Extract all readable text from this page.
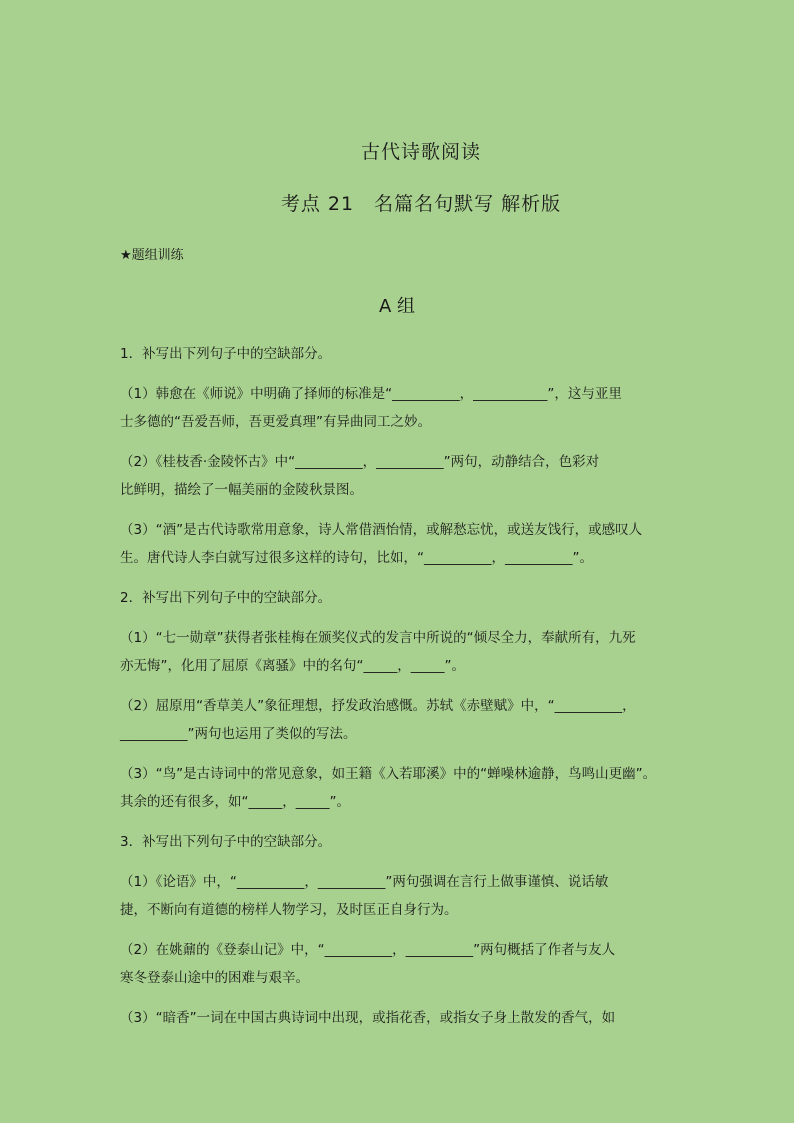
古代诗歌阅读
考点 21　名篇名句默写 解析版
★题组训练
A 组
1．补写出下列句子中的空缺部分。
（1）韩愈在《师说》中明确了择师的标准是“__________，___________”，这与亚里
士多德的“吾爱吾师，吾更爱真理”有异曲同工之妙。
（2）《桂枝香·金陵怀古》中“__________，__________”两句，动静结合，色彩对
比鲜明，描绘了一幅美丽的金陵秋景图。
（3）“酒”是古代诗歌常用意象，诗人常借酒怡情，或解愁忘忧，或送友饯行，或感叹人
生。唐代诗人李白就写过很多这样的诗句，比如，“__________，__________”。
2．补写出下列句子中的空缺部分。
（1）“七一勋章”获得者张桂梅在颁奖仪式的发言中所说的“倾尽全力，奉献所有，九死
亦无悔”，化用了屈原《离骚》中的名句“_____，_____”。
（2）屈原用“香草美人”象征理想，抒发政治感慨。苏轼《赤壁赋》中，“__________，
__________”两句也运用了类似的写法。
（3）“鸟”是古诗词中的常见意象，如王籍《入若耶溪》中的“蝉噪林逾静，鸟鸣山更幽”。
其余的还有很多，如“_____，_____”。
3．补写出下列句子中的空缺部分。
（1）《论语》中，“__________，__________”两句强调在言行上做事谨慎、说话敏
捷，不断向有道德的榜样人物学习，及时匡正自身行为。
（2）在姚鼐的《登泰山记》中，“__________，__________”两句概括了作者与友人
寒冬登泰山途中的困难与艰辛。
（3）“暗香”一词在中国古典诗词中出现，或指花香，或指女子身上散发的香气，如
